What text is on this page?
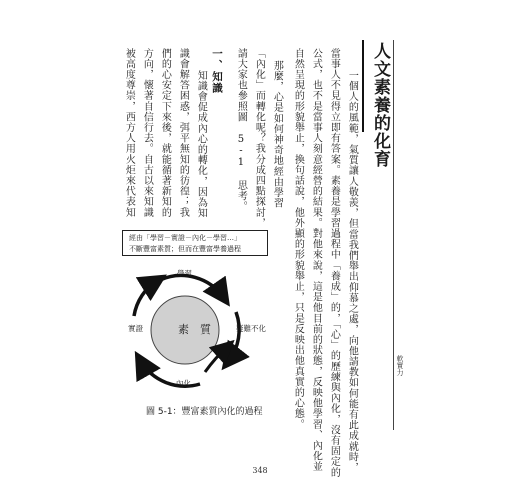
人文素養的化育
軟實力
一個人的風範，氣質讓人敬羨，但當我們舉出仰慕之處，向他請教如何能有此成就時，
當事人不見得立即有答案。素養是學習過程中「養成」的，「心」的歷練與內化，沒有固定的
公式，也不是當事人刻意經營的結果。對他來說，這是他目前的狀態，反映他學習、內化並
自然呈現的形貌舉止，換句話說，他外顯的形貌舉止，只是反映出他真實的心態。
那麼，心是如何神奇地經由學習
「內化」而轉化呢？我分成四點探討，
請大家也參照圖 5-1 思考。
一、知識
知識會促成內心的轉化，因為知
識會解答困惑，弭平無知的彷徨；我
們的心安定下來後，就能循著新知的
方向，懷著自信行去。自古以來知識
被高度尊崇，西方人用火炬來代表知
經由「學習－實證－內化－學習…」
不斷豐富素質；但而在豐富學養過程
素　質
學習
實證	疑難不化
內化
圖 5-1：豐富素質內化的過程
348
